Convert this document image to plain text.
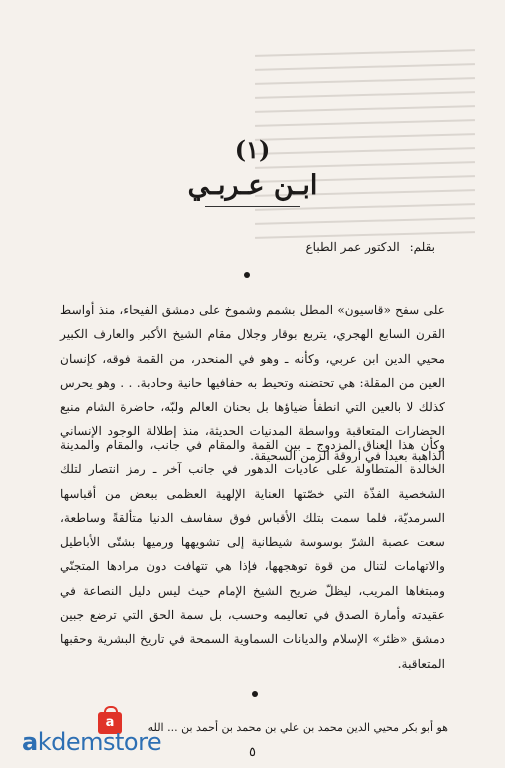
(١)
ابـن عـربـي
بقلم: الدكتور عمر الطباع
على سفح «قاسيون» المطل بشمم وشموخ على دمشق الفيحاء، منذ أواسط القرن السابع الهجري، يتربع بوقار وجلال مقام الشيخ الأكبر والعارف الكبير محيي الدين ابن عربي، وكأنه ـ وهو في المنحدر، من القمة فوقه، كإنسان العين من المقلة: هي تحتضنه وتحيط به حفافيها حانية وحادبة. . . وهو يحرس كذلك لا بالعين التي انطفأ ضياؤها بل بحنان العالم ولبّه، حاضرة الشام منبع الحضارات المتعاقبة وواسطة المدنيات الحديثة، منذ إطلالة الوجود الإنساني الذاهبة بعيداً في أروقة الزمن السحيقة.
وكأن هذا العناق المزدوج ـ بين القمة والمقام في جانب، والمقام والمدينة الخالدة المتطاولة على عاديات الدهور في جانب آخر ـ رمز انتصار لتلك الشخصية الفذّة التي خصّتها العناية الإلهية العظمى ببعض من أقباسها السرمديّة، فلما سمت بتلك الأقباس فوق سفاسف الدنيا متألقةً وساطعة، سعت عصبة الشرّ بوسوسة شيطانية إلى تشويهها ورميها بشتّى الأباطيل والاتهامات لتنال من قوة توهجهها، فإذا هي تتهافت دون مرادها المتجنّي ومبتغاها المريب، ليظلّ ضريح الشيخ الإمام حيث ليس دليل النصاعة في عقيدته وأمارة الصدق في تعاليمه وحسب، بل سمة الحق التي ترضع جبين دمشق «ظئر» الإسلام والديانات السماوية السمحة في تاريخ البشرية وحقبها المتعاقبة.
هو أبو بكر محيي الدين محمد بن علي بن محمد بن أحمد بن ... الله
٥
a
akdemstore
